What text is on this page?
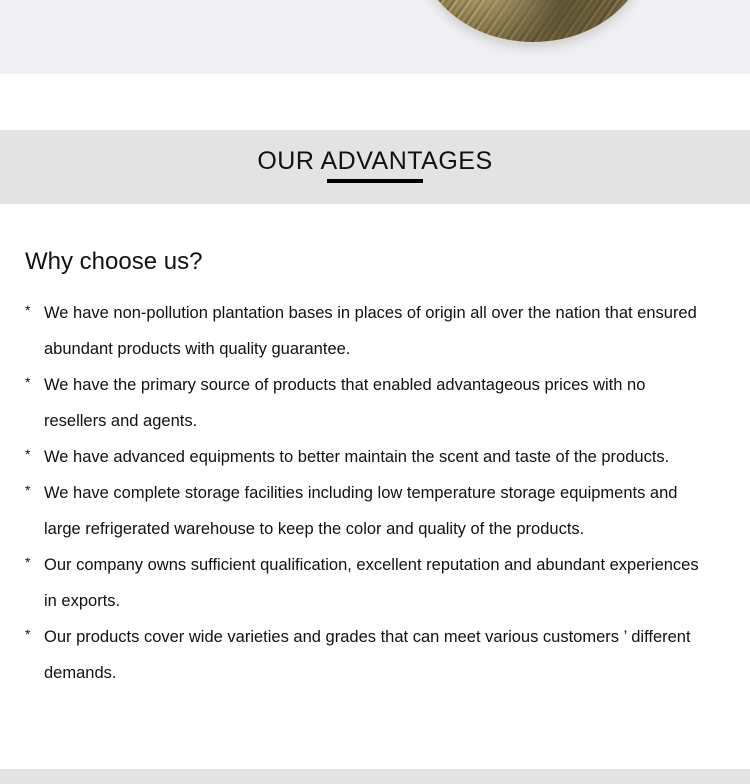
OUR ADVANTAGES
Why choose us?
* We have non-pollution plantation bases in places of origin all over the nation that ensured
abundant products with quality guarantee.
* We have the primary source of products that enabled advantageous prices with no
resellers and agents.
* We have advanced equipments to better maintain the scent and taste of the products.
* We have complete storage facilities including low temperature storage equipments and
large refrigerated warehouse to keep the color and quality of the products.
* Our company owns sufficient qualification, excellent reputation and abundant experiences
in exports.
* Our products cover wide varieties and grades that can meet various customers ’ different
demands.
